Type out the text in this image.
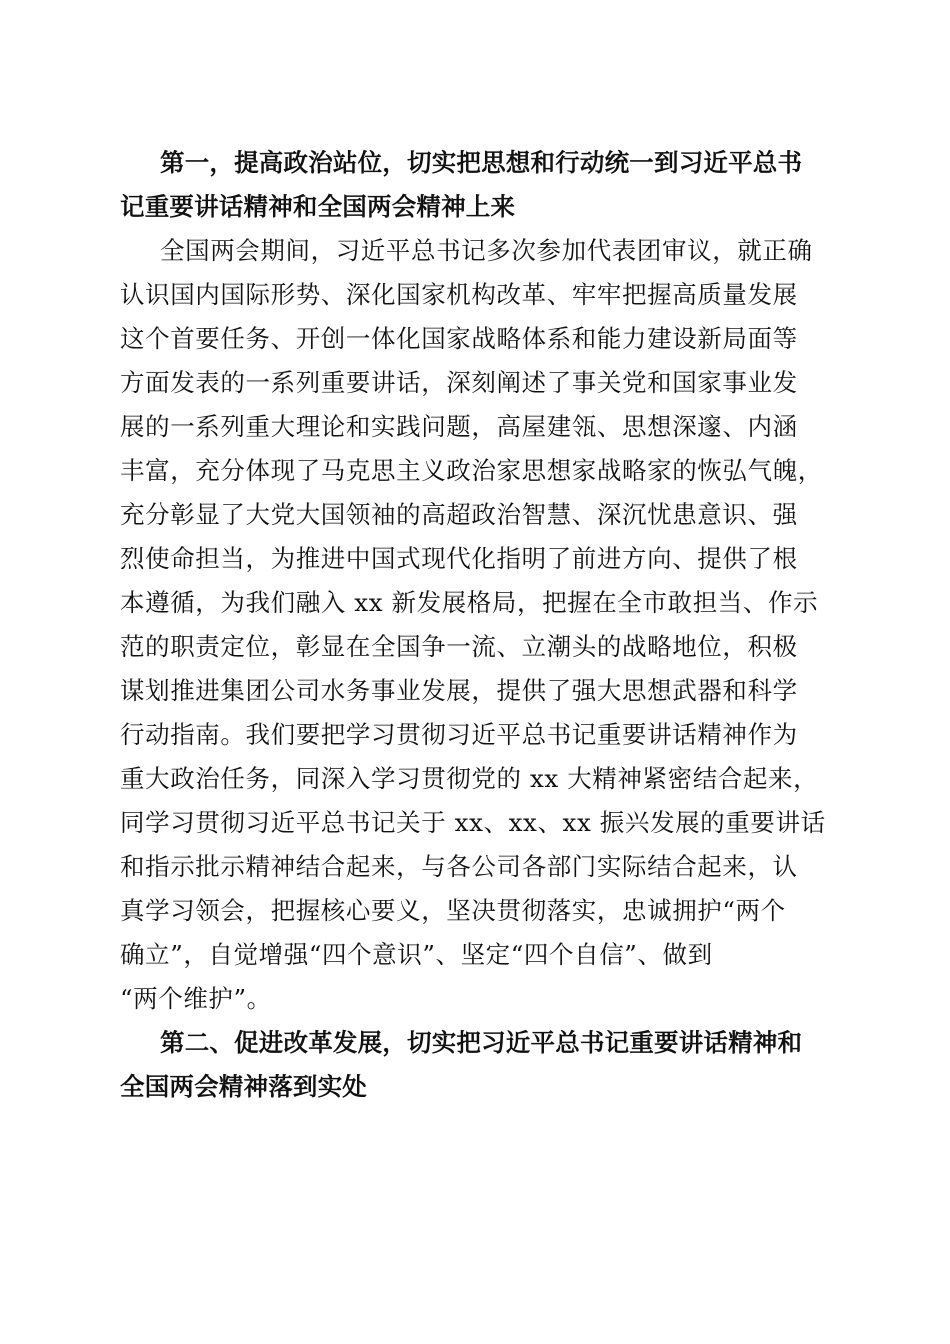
第一，提高政治站位，切实把思想和行动统一到习近平总书
记重要讲话精神和全国两会精神上来
全国两会期间，习近平总书记多次参加代表团审议，就正确
认识国内国际形势、深化国家机构改革、牢牢把握高质量发展
这个首要任务、开创一体化国家战略体系和能力建设新局面等
方面发表的一系列重要讲话，深刻阐述了事关党和国家事业发
展的一系列重大理论和实践问题，高屋建瓴、思想深邃、内涵
丰富，充分体现了马克思主义政治家思想家战略家的恢弘气魄，
充分彰显了大党大国领袖的高超政治智慧、深沉忧患意识、强
烈使命担当，为推进中国式现代化指明了前进方向、提供了根
本遵循，为我们融入 xx 新发展格局，把握在全市敢担当、作示
范的职责定位，彰显在全国争一流、立潮头的战略地位，积极
谋划推进集团公司水务事业发展，提供了强大思想武器和科学
行动指南。我们要把学习贯彻习近平总书记重要讲话精神作为
重大政治任务，同深入学习贯彻党的 xx 大精神紧密结合起来，
同学习贯彻习近平总书记关于 xx、xx、xx 振兴发展的重要讲话
和指示批示精神结合起来，与各公司各部门实际结合起来，认
真学习领会，把握核心要义，坚决贯彻落实，忠诚拥护“两个
确立”，自觉增强“四个意识”、坚定“四个自信”、做到
“两个维护”。
第二、促进改革发展，切实把习近平总书记重要讲话精神和
全国两会精神落到实处
